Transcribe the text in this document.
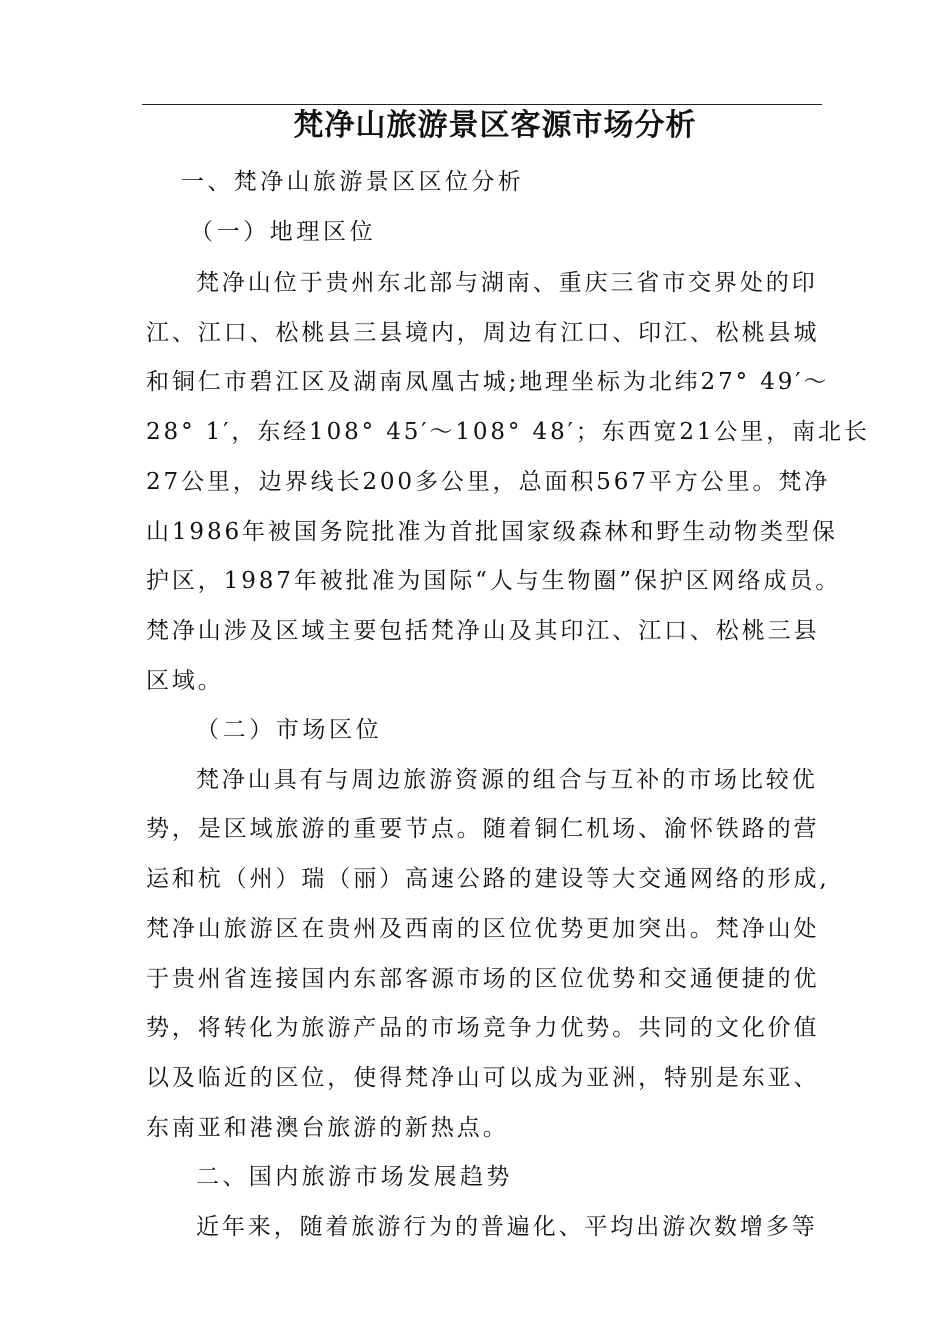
梵净山旅游景区客源市场分析
一、梵净山旅游景区区位分析
（一）地理区位
梵净山位于贵州东北部与湖南、重庆三省市交界处的印
江、江口、松桃县三县境内，周边有江口、印江、松桃县城
和铜仁市碧江区及湖南凤凰古城;地理坐标为北纬27° 49′～
28° 1′，东经108° 45′～108° 48′；东西宽21公里，南北长
27公里，边界线长200多公里，总面积567平方公里。梵净
山1986年被国务院批准为首批国家级森林和野生动物类型保
护区，1987年被批准为国际“人与生物圈”保护区网络成员。
梵净山涉及区域主要包括梵净山及其印江、江口、松桃三县
区域。
（二）市场区位
梵净山具有与周边旅游资源的组合与互补的市场比较优
势，是区域旅游的重要节点。随着铜仁机场、渝怀铁路的营
运和杭（州）瑞（丽）高速公路的建设等大交通网络的形成,
梵净山旅游区在贵州及西南的区位优势更加突出。梵净山处
于贵州省连接国内东部客源市场的区位优势和交通便捷的优
势，将转化为旅游产品的市场竞争力优势。共同的文化价值
以及临近的区位，使得梵净山可以成为亚洲，特别是东亚、
东南亚和港澳台旅游的新热点。
二、国内旅游市场发展趋势
近年来，随着旅游行为的普遍化、平均出游次数增多等
